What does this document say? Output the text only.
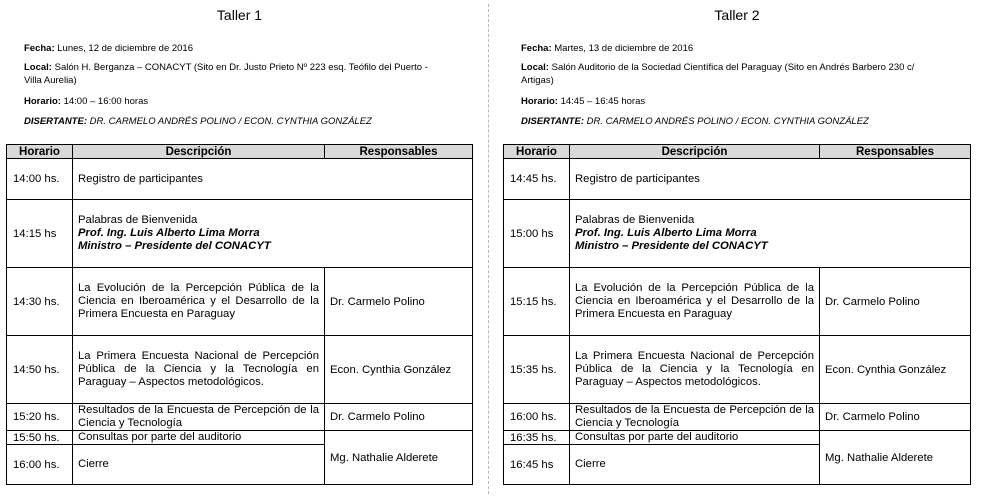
Taller 1
Fecha: Lunes, 12 de diciembre de 2016
Local: Salón H. Berganza – CONACYT (Sito en Dr. Justo Prieto Nº 223 esq. Teófilo del Puerto - Villa Aurelia)
Horario: 14:00 – 16:00 horas
DISERTANTE: DR. CARMELO ANDRÉS POLINO / ECON. CYNTHIA GONZÁLEZ
Horario	Descripción	Responsables
14:00 hs.	Registro de participantes	
14:15 hs	Palabras de Bienvenida
Prof. Ing. Luis Alberto Lima Morra
Ministro – Presidente del CONACYT	

14:30 hs.	La Evolución de la Percepción Pública de la Ciencia en Iberoamérica y el Desarrollo de la Primera Encuesta en Paraguay	Dr. Carmelo Polino
14:50 hs.	La Primera Encuesta Nacional de Percepción Pública de la Ciencia y la Tecnología en Paraguay – Aspectos metodológicos.	Econ. Cynthia González
15:20 hs.	Resultados de la Encuesta de Percepción de la Ciencia y Tecnología	Dr. Carmelo Polino
15:50 hs.	Consultas por parte del auditorio	Mg. Nathalie Alderete
16:00 hs.	Cierre	
Taller 2
Fecha: Martes, 13 de diciembre de 2016
Local: Salón Auditorio de la Sociedad Científica del Paraguay (Sito en Andrés Barbero 230 c/ Artigas)
Horario: 14:45 – 16:45 horas
DISERTANTE: DR. CARMELO ANDRÉS POLINO / ECON. CYNTHIA GONZÁLEZ
Horario	Descripción	Responsables
14:45 hs.	Registro de participantes	
15:00 hs	Palabras de Bienvenida
Prof. Ing. Luis Alberto Lima Morra
Ministro – Presidente del CONACYT	

15:15 hs.	La Evolución de la Percepción Pública de la Ciencia en Iberoamérica y el Desarrollo de la Primera Encuesta en Paraguay	Dr. Carmelo Polino
15:35 hs.	La Primera Encuesta Nacional de Percepción Pública de la Ciencia y la Tecnología en Paraguay – Aspectos metodológicos.	Econ. Cynthia González
16:00 hs.	Resultados de la Encuesta de Percepción de la Ciencia y Tecnología	Dr. Carmelo Polino
16:35 hs.	Consultas por parte del auditorio	Mg. Nathalie Alderete
16:45 hs	Cierre	
